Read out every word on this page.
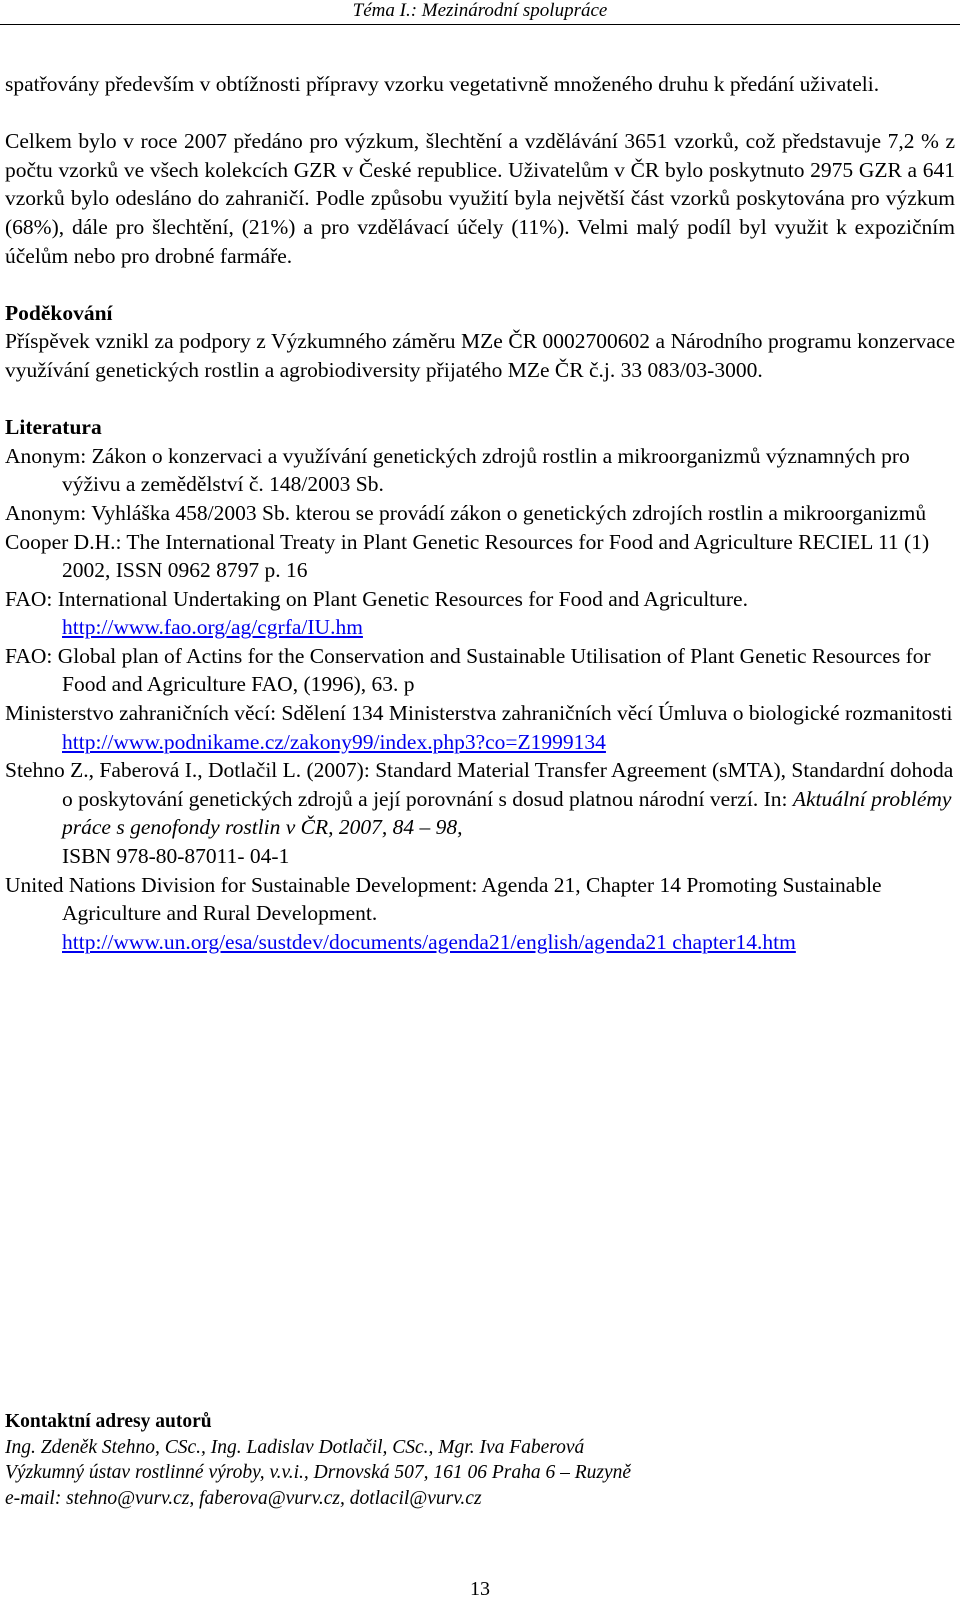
Téma I.: Mezinárodní spolupráce

spatřovány především v obtížnosti přípravy vzorku vegetativně množeného druhu k předání uživateli.

Celkem bylo v roce 2007 předáno pro výzkum, šlechtění a vzdělávání 3651 vzorků, což představuje 7,2 % z počtu vzorků ve všech kolekcích GZR v České republice. Uživatelům v ČR bylo poskytnuto 2975 GZR a 641 vzorků bylo odesláno do zahraničí. Podle způsobu využití byla největší část vzorků poskytována pro výzkum (68%), dále pro šlechtění, (21%) a pro vzdělávací účely (11%). Velmi malý podíl byl využit k expozičním účelům nebo pro drobné farmáře.

Poděkování

Příspěvek vznikl za podpory z Výzkumného záměru MZe ČR 0002700602 a Národního programu konzervace využívání genetických rostlin a agrobiodiversity přijatého MZe ČR č.j. 33 083/03-3000.

Literatura

Anonym: Zákon o konzervaci a využívání genetických zdrojů rostlin a mikroorganizmů významných pro výživu a zemědělství č. 148/2003 Sb.

Anonym: Vyhláška 458/2003 Sb. kterou se provádí zákon o genetických zdrojích rostlin a mikroorganizmů

Cooper D.H.: The International Treaty in Plant Genetic Resources for Food and Agriculture RECIEL 11 (1) 2002, ISSN 0962 8797 p. 16

FAO: International Undertaking on Plant Genetic Resources for Food and Agriculture.
http://www.fao.org/ag/cgrfa/IU.hm

FAO: Global plan of Actins for the Conservation and Sustainable Utilisation of Plant Genetic Resources for Food and Agriculture FAO, (1996), 63. p

Ministerstvo zahraničních věcí: Sdělení 134 Ministerstva zahraničních věcí Úmluva o biologické rozmanitosti http://www.podnikame.cz/zakony99/index.php3?co=Z1999134

Stehno Z., Faberová I., Dotlačil L. (2007): Standard Material Transfer Agreement (sMTA), Standardní dohoda o poskytování genetických zdrojů a její porovnání s dosud platnou národní verzí. In: Aktuální problémy práce s genofondy rostlin v ČR, 2007, 84 – 98,
ISBN 978-80-87011- 04-1

United Nations Division for Sustainable Development: Agenda 21, Chapter 14 Promoting Sustainable Agriculture and Rural Development.
http://www.un.org/esa/sustdev/documents/agenda21/english/agenda21 chapter14.htm

Kontaktní adresy autorů

Ing. Zdeněk Stehno, CSc., Ing. Ladislav Dotlačil, CSc., Mgr. Iva Faberová

Výzkumný ústav rostlinné výroby, v.v.i., Drnovská 507, 161 06 Praha 6 – Ruzyně

e-mail: stehno@vurv.cz, faberova@vurv.cz, dotlacil@vurv.cz

13
